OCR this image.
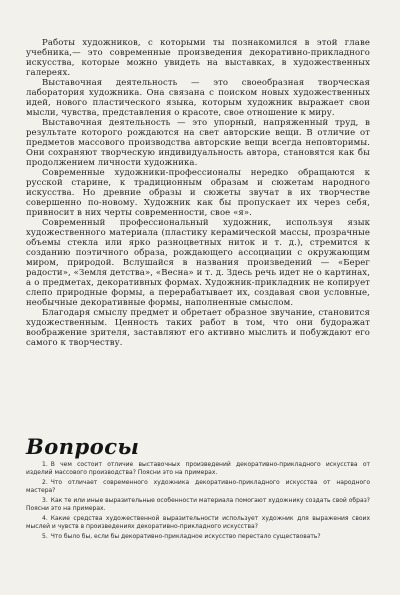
Работы художников, с которыми ты познакомился в этой главе учебника,— это современные произведения декоративно-прикладного искусства, которые можно увидеть на выставках, в художественных галереях.

Выставочная деятельность — это своеобразная творческая лаборатория художника. Она связана с поиском новых художественных идей, нового пластического языка, которым художник выражает свои мысли, чувства, представления о красоте, свое отношение к миру.

Выставочная деятельность — это упорный, напряженный труд, в результате которого рождаются на свет авторские вещи. В отличие от предметов массового производства авторские вещи всегда неповторимы. Они сохраняют творческую индивидуальность автора, становятся как бы продолжением личности художника.

Современные художники-профессионалы нередко обращаются к русской старине, к традиционным образам и сюжетам народного искусства. Но древние образы и сюжеты звучат в их творчестве совершенно по-новому. Художник как бы пропускает их через себя, привносит в них черты современности, свое «я».

Современный профессиональный художник, используя язык художественного материала (пластику керамической массы, прозрачные объемы стекла или ярко разноцветных ниток и т. д.), стремится к созданию поэтичного образа, рождающего ассоциации с окружающим миром, природой. Вслушайся в названия произведений — «Берег радости», «Земля детства», «Весна» и т. д. Здесь речь идет не о картинах, а о предметах, декоративных формах. Художник-прикладник не копирует слепо природные формы, а перерабатывает их, создавая свои условные, необычные декоративные формы, наполненные смыслом.

Благодаря смыслу предмет и обретает образное звучание, становится художественным. Ценность таких работ в том, что они будоражат воображение зрителя, заставляют его активно мыслить и побуждают его самого к творчеству.

Вопросы

1. В чем состоит отличие выставочных произведений декоративно-прикладного искусства от изделий массового производства? Поясни это на примерах.

2. Что отличает современного художника декоративно-прикладного искусства от народного мастера?

3. Как те или иные выразительные особенности материала помогают художнику создать свой образ? Поясни это на примерах.

4. Какие средства художественной выразительности использует художник для выражения своих мыслей и чувств в произведениях декоративно-прикладного искусства?

5. Что было бы, если бы декоративно-прикладное искусство перестало существовать?
